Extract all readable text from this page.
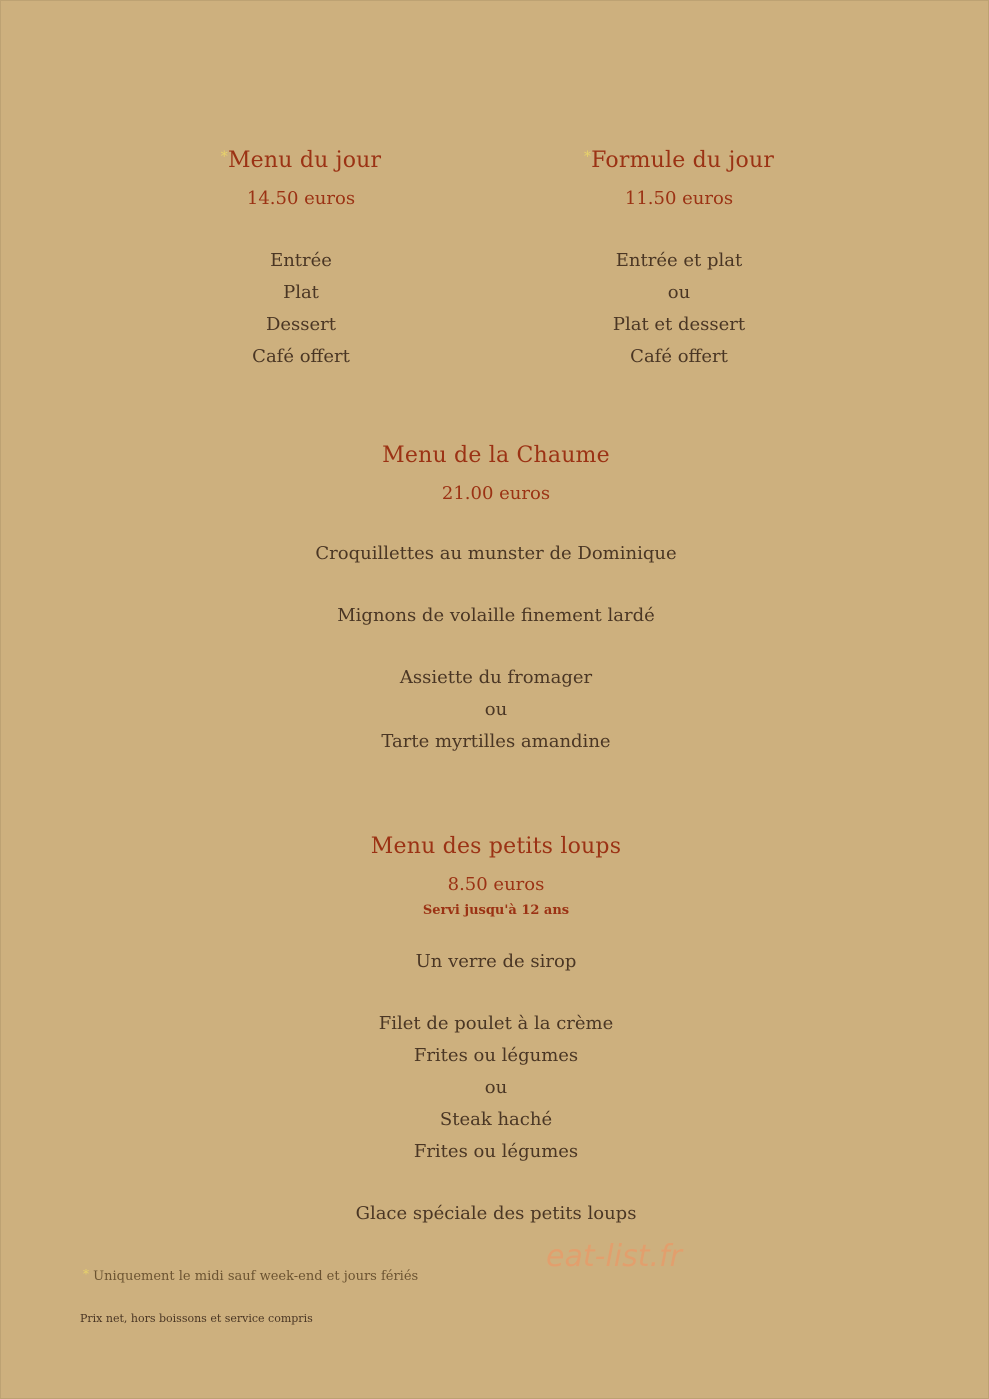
*Menu du jour
14.50 euros
Entrée
Plat
Dessert
Café offert
*Formule du jour
11.50 euros
Entrée et plat
ou
Plat et dessert
Café offert
Menu de la Chaume
21.00 euros
Croquillettes au munster de Dominique
Mignons de volaille finement lardé
Assiette du fromager
ou
Tarte myrtilles amandine
Menu des petits loups
8.50 euros
Servi jusqu'à 12 ans
Un verre de sirop
Filet de poulet à la crème
Frites ou légumes
ou
Steak haché
Frites ou légumes
Glace spéciale des petits loups
* Uniquement le midi sauf week-end et jours fériés
Prix net, hors boissons et service compris
eat-list.fr
